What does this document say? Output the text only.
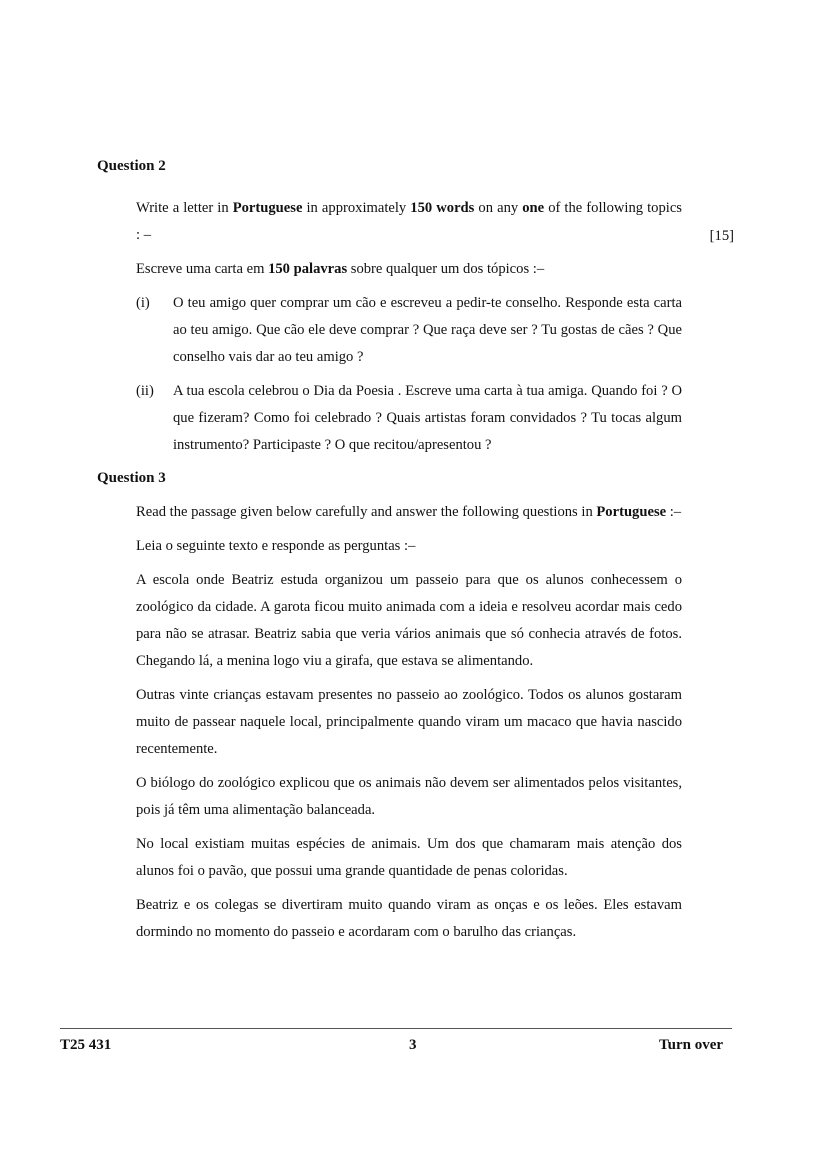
Question 2

Write a letter in Portuguese in approximately 150 words on any one of the following topics : –

Escreve uma carta em 150 palavras sobre qualquer um dos tópicos :–

(i) O teu amigo quer comprar um cão e escreveu a pedir-te conselho. Responde esta carta ao teu amigo. Que cão ele deve comprar ? Que raça deve ser ? Tu gostas de cães ? Que conselho vais dar ao teu amigo ?

(ii) A tua escola celebrou o Dia da Poesia . Escreve uma carta à tua amiga. Quando foi ? O que fizeram? Como foi celebrado ? Quais artistas foram convidados ? Tu tocas algum instrumento? Participaste ? O que recitou/apresentou ?

[15]
Question 3

Read the passage given below carefully and answer the following questions in Portuguese :–

Leia o seguinte texto e responde as perguntas :–

A escola onde Beatriz estuda organizou um passeio para que os alunos conhecessem o zoológico da cidade. A garota ficou muito animada com a ideia e resolveu acordar mais cedo para não se atrasar. Beatriz sabia que veria vários animais que só conhecia através de fotos. Chegando lá, a menina logo viu a girafa, que estava se alimentando.

Outras vinte crianças estavam presentes no passeio ao zoológico. Todos os alunos gostaram muito de passear naquele local, principalmente quando viram um macaco que havia nascido recentemente.

O biólogo do zoológico explicou que os animais não devem ser alimentados pelos visitantes, pois já têm uma alimentação balanceada.

No local existiam muitas espécies de animais. Um dos que chamaram mais atenção dos alunos foi o pavão, que possui uma grande quantidade de penas coloridas.

Beatriz e os colegas se divertiram muito quando viram as onças e os leões. Eles estavam dormindo no momento do passeio e acordaram com o barulho das crianças.

T25 431	3	Turn over
